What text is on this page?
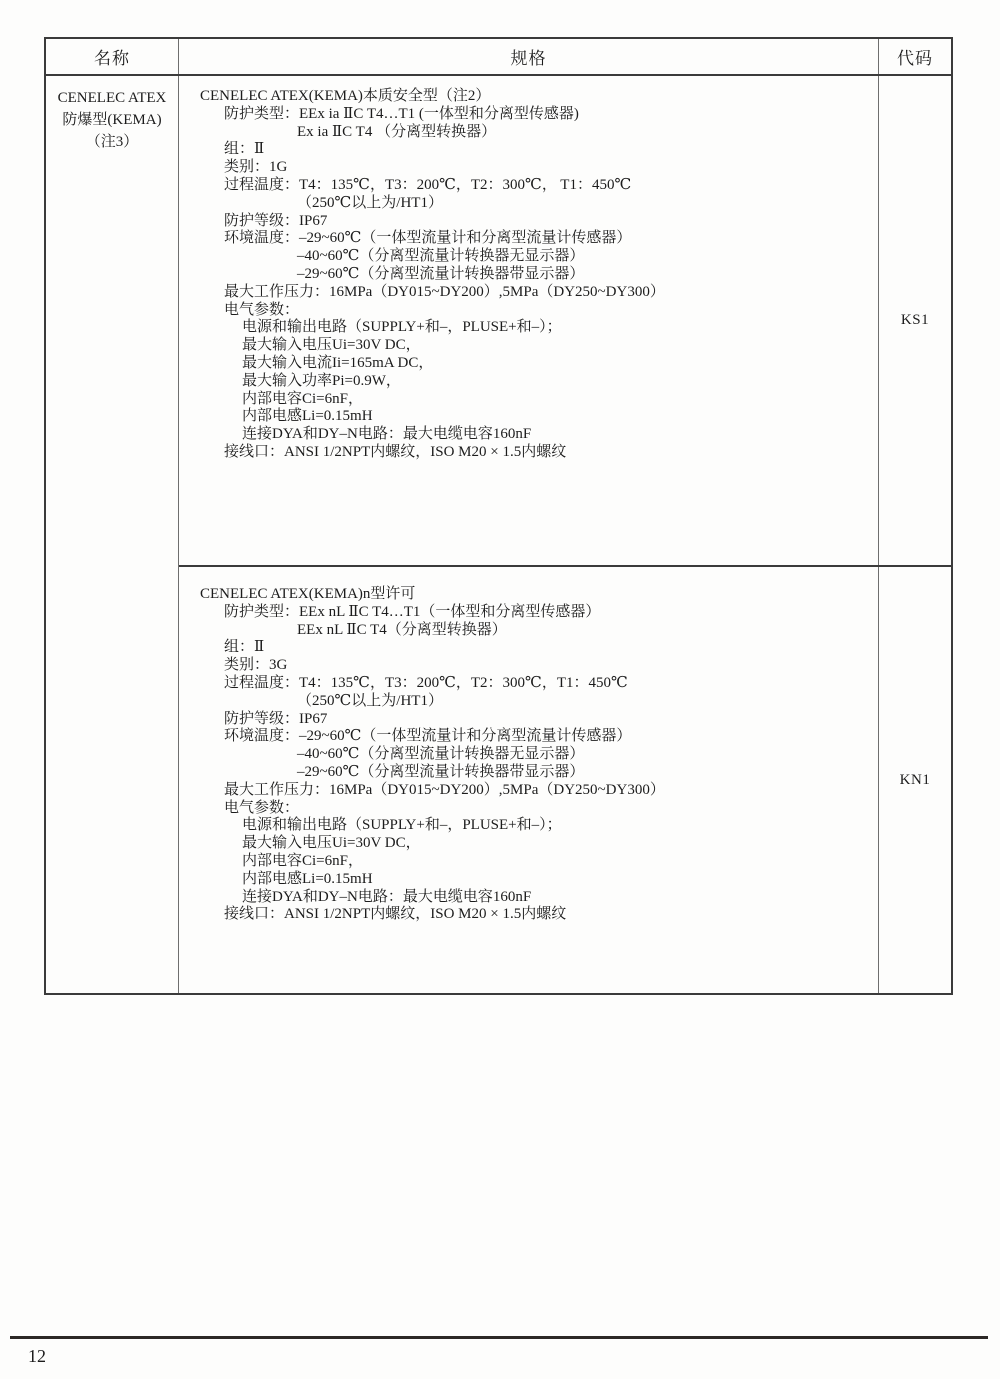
名称	规格	代码
CENELEC ATEX
防爆型(KEMA)
（注3）
CENELEC ATEX(KEMA)本质安全型（注2）
防护类型：EEx ia ⅡC T4…T1 (一体型和分离型传感器)
Ex ia ⅡC T4 （分离型转换器）
组：Ⅱ
类别：1G
过程温度：T4：135℃，T3：200℃，T2：300℃， T1：450℃
（250℃以上为/HT1）
防护等级：IP67
环境温度：–29~60℃（一体型流量计和分离型流量计传感器）
–40~60℃（分离型流量计转换器无显示器）
–29~60℃（分离型流量计转换器带显示器）
最大工作压力：16MPa（DY015~DY200）,5MPa（DY250~DY300）
电气参数：
电源和输出电路（SUPPLY+和–，PLUSE+和–）；
最大输入电压Ui=30V DC，
最大输入电流Ii=165mA DC，
最大输入功率Pi=0.9W，
内部电容Ci=6nF，
内部电感Li=0.15mH
连接DYA和DY–N电路：最大电缆电容160nF
接线口：ANSI 1/2NPT内螺纹，ISO M20 × 1.5内螺纹
KS1
CENELEC ATEX(KEMA)n型许可
防护类型：EEx nL ⅡC T4…T1（一体型和分离型传感器）
EEx nL ⅡC T4（分离型转换器）
组：Ⅱ
类别：3G
过程温度：T4：135℃，T3：200℃，T2：300℃，T1：450℃
（250℃以上为/HT1）
防护等级：IP67
环境温度：–29~60℃（一体型流量计和分离型流量计传感器）
–40~60℃（分离型流量计转换器无显示器）
–29~60℃（分离型流量计转换器带显示器）
最大工作压力：16MPa（DY015~DY200）,5MPa（DY250~DY300）
电气参数：
电源和输出电路（SUPPLY+和–，PLUSE+和–）；
最大输入电压Ui=30V DC，
内部电容Ci=6nF，
内部电感Li=0.15mH
连接DYA和DY–N电路：最大电缆电容160nF
接线口：ANSI 1/2NPT内螺纹，ISO M20 × 1.5内螺纹
KN1
12
